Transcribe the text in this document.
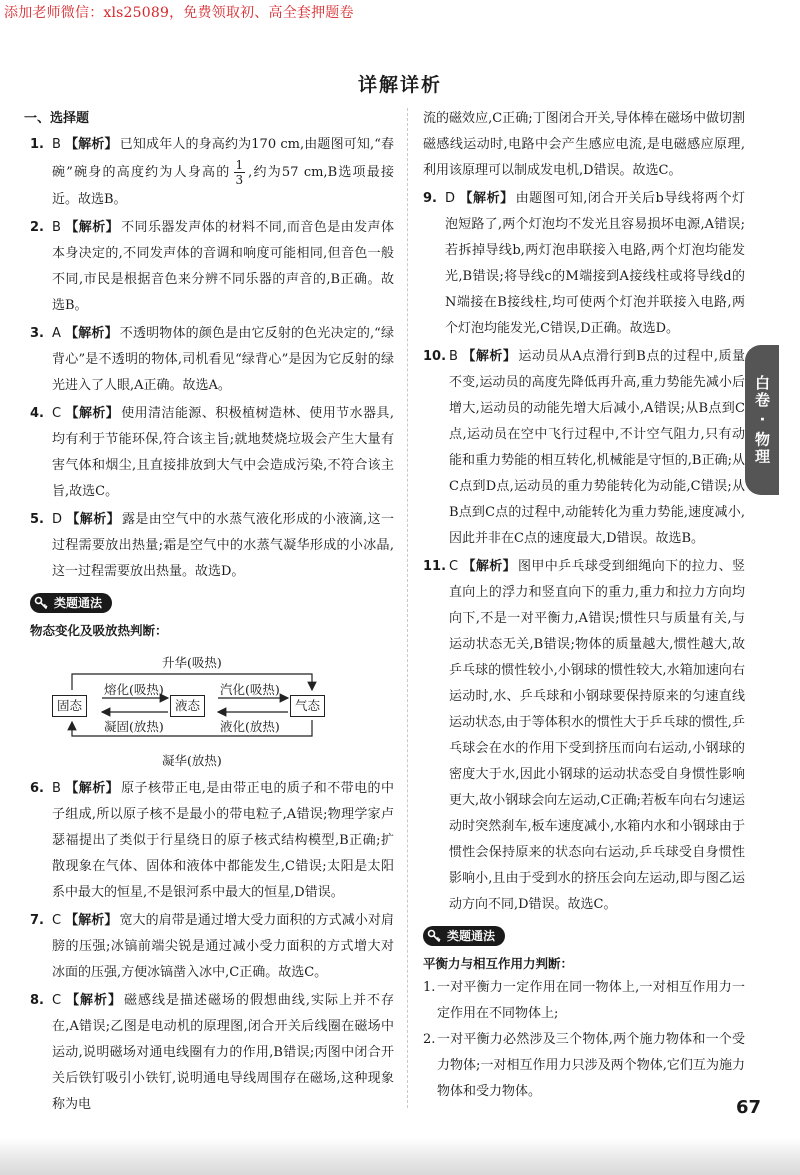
添加老师微信：xls25089，免费领取初、高全套押题卷
详解详析
一、选择题
1. B 【解析】 已知成年人的身高约为170 cm,由题图可知,“春碗”碗身的高度约为人身高的 $\frac{1}{3}$ ,约为57 cm,B选项最接近。故选B。
2. B 【解析】 不同乐器发声体的材料不同,而音色是由发声体本身决定的,不同发声体的音调和响度可能相同,但音色一般不同,市民是根据音色来分辨不同乐器的声音的,B正确。故选B。
3. A 【解析】 不透明物体的颜色是由它反射的色光决定的,“绿背心”是不透明的物体,司机看见“绿背心”是因为它反射的绿光进入了人眼,A正确。故选A。
4. C 【解析】 使用清洁能源、积极植树造林、使用节水器具,均有利于节能环保,符合该主旨;就地焚烧垃圾会产生大量有害气体和烟尘,且直接排放到大气中会造成污染,不符合该主旨,故选C。
5. D 【解析】 露是由空气中的水蒸气液化形成的小液滴,这一过程需要放出热量;霜是空气中的水蒸气凝华形成的小冰晶,这一过程需要放出热量。故选D。
类题通法
物态变化及吸放热判断：
升华(吸热)
熔化(吸热)
凝固(放热)
汽化(吸热)
液化(放热)
固态	液态	气态
凝华(放热)
6. B 【解析】 原子核带正电,是由带正电的质子和不带电的中子组成,所以原子核不是最小的带电粒子,A错误;物理学家卢瑟福提出了类似于行星绕日的原子核式结构模型,B正确;扩散现象在气体、固体和液体中都能发生,C错误;太阳是太阳系中最大的恒星,不是银河系中最大的恒星,D错误。
7. C 【解析】 宽大的肩带是通过增大受力面积的方式减小对肩膀的压强;冰镐前端尖锐是通过减小受力面积的方式增大对冰面的压强,方便冰镐凿入冰中,C正确。故选C。
8. C 【解析】 磁感线是描述磁场的假想曲线,实际上并不存在,A错误;乙图是电动机的原理图,闭合开关后线圈在磁场中运动,说明磁场对通电线圈有力的作用,B错误;丙图中闭合开关后铁钉吸引小铁钉,说明通电导线周围存在磁场,这种现象称为电
流的磁效应,C正确;丁图闭合开关,导体棒在磁场中做切割磁感线运动时,电路中会产生感应电流,是电磁感应原理,利用该原理可以制成发电机,D错误。故选C。
9. D 【解析】 由题图可知,闭合开关后b导线将两个灯泡短路了,两个灯泡均不发光且容易损坏电源,A错误;若拆掉导线b,两灯泡串联接入电路,两个灯泡均能发光,B错误;将导线c的M端接到A接线柱或将导线d的N端接在B接线柱,均可使两个灯泡并联接入电路,两个灯泡均能发光,C错误,D正确。故选D。
10. B 【解析】 运动员从A点滑行到B点的过程中,质量不变,运动员的高度先降低再升高,重力势能先减小后增大,运动员的动能先增大后减小,A错误;从B点到C点,运动员在空中飞行过程中,不计空气阻力,只有动能和重力势能的相互转化,机械能是守恒的,B正确;从C点到D点,运动员的重力势能转化为动能,C错误;从B点到C点的过程中,动能转化为重力势能,速度减小,因此并非在C点的速度最大,D错误。故选B。
11. C 【解析】 图甲中乒乓球受到细绳向下的拉力、竖直向上的浮力和竖直向下的重力,重力和拉力方向均向下,不是一对平衡力,A错误;惯性只与质量有关,与运动状态无关,B错误;物体的质量越大,惯性越大,故乒乓球的惯性较小,小钢球的惯性较大,水箱加速向右运动时,水、乒乓球和小钢球要保持原来的匀速直线运动状态,由于等体积水的惯性大于乒乓球的惯性,乒乓球会在水的作用下受到挤压而向右运动,小钢球的密度大于水,因此小钢球的运动状态受自身惯性影响更大,故小钢球会向左运动,C正确;若板车向右匀速运动时突然刹车,板车速度减小,水箱内水和小钢球由于惯性会保持原来的状态向右运动,乒乓球受自身惯性影响小,且由于受到水的挤压会向左运动,即与图乙运动方向不同,D错误。故选C。
类题通法
平衡力与相互作用力判断：
1. 一对平衡力一定作用在同一物体上,一对相互作用力一定作用在不同物体上;
2. 一对平衡力必然涉及三个物体,两个施力物体和一个受力物体;一对相互作用力只涉及两个物体,它们互为施力物体和受力物体。
白卷 · 物理
67
